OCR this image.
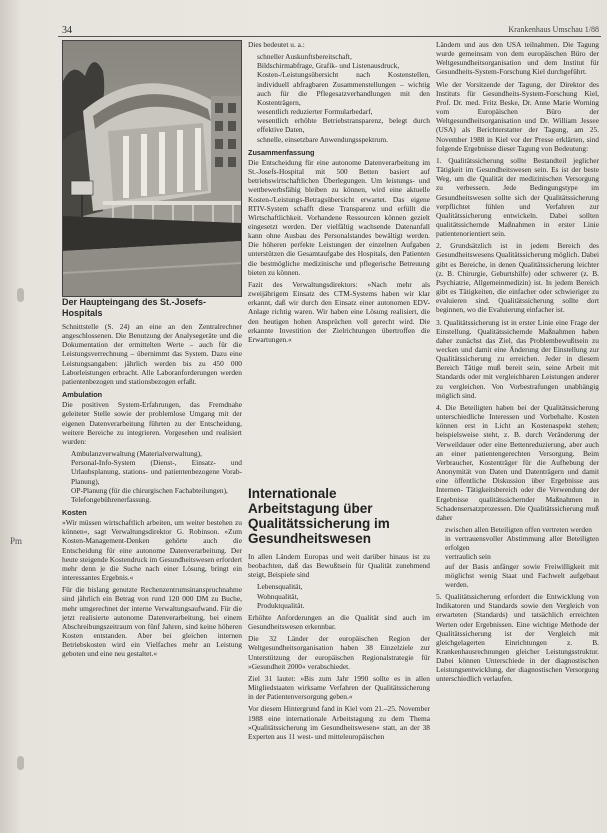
Pm
34	Krankenhaus Umschau 1/88
Der Haupteingang des St.-Josefs-Hospitals

Schnittstelle (S. 24) an eine an den Zentralrechner angeschlossenen. Die Benutzung der Analysegeräte und die Dokumentation der ermittelten Werte – auch für die Leistungsverrechnung – übernimmt das System. Dazu eine Leistungsangaben: jährlich werden bis zu 450 000 Laborleistungen erbracht. Alle Laboranforderungen werden patientenbezogen und stationsbezogen erfaßt.

Ambulation

Die positiven System-Erfahrungen, das Fremdnahe geleiteter Stelle sowie der problemlose Umgang mit der eigenen Datenverarbeitung führten zu der Entscheidung, weitere Bereiche zu integrieren. Vorgesehen und realisiert wurden:

• Ambulanzverwaltung (Materialverwaltung),
• Personal-Info-System (Dienst-, Einsatz- und Urlaubsplanung, stations- und patientenbezogene Vorab-Planung),
• OP-Planung (für die chirurgischen Fachabteilungen),
• Telefongebührenerfassung.
Kosten

»Wir müssen wirtschaftlich arbeiten, um weiter bestehen zu können«, sagt Verwaltungsdirektor G. Robinson. »Zum Kosten-Management-Denken gehörte auch die Entscheidung für eine autonome Datenverarbeitung. Der heute steigende Kostendruck im Gesundheitswesen erfordert mehr denn je die Suche nach einer Lösung, bringt ein interessantes Ergebnis.«

Für die bislang genutzte Rechenzentrumsinanspruchnahme sind jährlich ein Betrag von rund 120 000 DM zu Buche, mehr umgerechnet der interne Verwaltungsaufwand. Für die jetzt realisierte autonome Datenverarbeitung, bei einem Abschreibungszeitraum von fünf Jahren, sind keine höheren Kosten entstanden. Aber bei gleichen internen Betriebskosten wird ein Vielfaches mehr an Leistung geboten und eine neu gestaltet.«

Dies bedeutet u. a.:

• schneller Auskunftsbereitschaft,
• Bildschirmabfrage, Grafik- und Listenausdruck,
• Kosten-/Leistungsübersicht nach Kostenstellen, individuell abfragbaren Zusammenstellungen – wichtig auch für die Pflegesatzverhandlungen mit den Kostenträgern,
• wesentlich reduzierter Formularbedarf,
• wesentlich erhöhte Betriebstransparenz, belegt durch effektive Daten,
• schnelle, einsetzbare Anwendungsspektrum.
Zusammenfassung

Die Entscheidung für eine autonome Datenverarbeitung im St.-Josefs-Hospital mit 500 Betten basiert auf betriebswirtschaftlichen Überlegungen. Um leistungs- und wettbewerbsfähig bleiben zu können, wird eine aktuelle Kosten-/Leistungs-Betragsübersicht erwartet. Das eigene RTIV-System schafft diese Transparenz und erfüllt die Wirtschaftlichkeit. Vorhandene Ressourcen können gezielt eingesetzt werden. Der vielfältig wachsende Datenanfall kann ohne Ausbau des Personalstandes bewältigt werden. Die höheren perfekte Leistungen der einzelnen Aufgaben unterstützen die Gesamtaufgabe des Hospitals, den Patienten die bestmögliche medizinische und pflegerische Betreuung bieten zu können.

Fazit des Verwaltungsdirektors: »Nach mehr als zweijährigem Einsatz des CTM-Systems haben wir klar erkannt, daß wir durch den Einsatz einer autonomen EDV-Anlage richtig waren. Wir haben eine Lösung realisiert, die den heutigen hohen Ansprüchen voll gerecht wird. Die erkannte Investition der Zielrichtungen übertroffen die Erwartungen.«

Internationale Arbeitstagung über Qualitätssicherung im Gesundheitswesen

In allen Ländern Europas und weit darüber hinaus ist zu beobachten, daß das Bewußtsein für Qualität zunehmend steigt, Beispiele sind

• Lebensqualität,
• Wohnqualität,
• Produktqualität.

Erhöhte Anforderungen an die Qualität sind auch im Gesundheitswesen erkennbar.

Die 32 Länder der europäischen Region der Weltgesundheitsorganisation haben 38 Einzelziele zur Unterstützung der europäischen Regionalstrategie für »Gesundheit 2000« verabschiedet.

Ziel 31 lautet: »Bis zum Jahr 1990 sollte es in allen Mitgliedstaaten wirksame Verfahren der Qualitätssicherung in der Patientenversorgung geben.«

Vor diesem Hintergrund fand in Kiel vom 21.–25. November 1988 eine internationale Arbeitstagung zu dem Thema »Qualitätssicherung im Gesundheitswesen« statt, an der 38 Experten aus 11 west- und mitteleuropäischen

Ländern und aus den USA teilnahmen. Die Tagung wurde gemeinsam von dem europäischen Büro der Weltgesundheitsorganisation und dem Institut für Gesundheits-System-Forschung Kiel durchgeführt.

Wie der Vorsitzende der Tagung, der Direktor des Instituts für Gesundheits-System-Forschung Kiel, Prof. Dr. med. Fritz Beske, Dr. Anne Marie Worning vom Europäischen Büro der Weltgesundheitsorganisation und Dr. William Jessee (USA) als Berichterstatter der Tagung, am 25. November 1988 in Kiel vor der Presse erklärten, sind folgende Ergebnisse dieser Tagung von Bedeutung:

1. Qualitätssicherung sollte Bestandteil jeglicher Tätigkeit im Gesundheitswesen sein. Es ist der beste Weg, um die Qualität der medizinischen Versorgung zu verbessern. Jede Bedingungstype im Gesundheitswesen sollte sich der Qualitätssicherung verpflichtet fühlen und Verfahren zur Qualitätssicherung entwickeln. Dabei sollten qualitätssichernde Maßnahmen in erster Linie patientenorientiert sein.

2. Grundsätzlich ist in jedem Bereich des Gesundheitswesens Qualitätssicherung möglich. Dabei gibt es Bereiche, in denen Qualitätssicherung leichter (z. B. Chirurgie, Geburtshilfe) oder schwerer (z. B. Psychiatrie, Allgemeinmedizin) ist. In jedem Bereich gibt es Tätigkeiten, die einfacher oder schwieriger zu evaluieren sind. Qualitätssicherung sollte dort beginnen, wo die Evaluierung einfacher ist.

3. Qualitätssicherung ist in erster Linie eine Frage der Einstellung. Qualitätssichernde Maßnahmen haben daher zunächst das Ziel, das Problembewußtsein zu wecken und damit eine Änderung der Einstellung zur Qualitätssicherung zu erreichen. Jeder in diesem Bereich Tätige muß bereit sein, seine Arbeit mit Standards oder mit vergleichbaren Leistungen anderer zu vergleichen. Von Vorbestrafungen unabhängig möglich sind.

4. Die Beteiligten haben bei der Qualitätssicherung unterschiedliche Interessen und Vorbehalte. Kosten können erst in Licht an Kostenaspekt stehen; beispielsweise steht, z. B. durch Veränderung der Verweildauer oder eine Bettenreduzierung, aber auch an einer patientengerechten Versorgung. Beim Verbraucher, Kostenträger für die Aufhebung der Anonymität von Daten und Datenträgern und damit eine öffentliche Diskussion über Ergebnisse aus Internen- Tätigkeitsbereich oder die Verwendung der Ergebnisse qualitätssichernder Maßnahmen in Schadensersatzprozessen. Die Qualitätssicherung muß daher

• zwischen allen Beteiligten offen vertreten werden
• in vertrauensvoller Abstimmung aller Beteiligten erfolgen
• vertraulich sein
• auf der Basis anfänger sowie Freiwilligkeit mit möglichst wenig Staat und Fachwelt aufgebaut werden.

5. Qualitätssicherung erfordert die Entwicklung von Indikatoren und Standards sowie den Vergleich von erwarteten (Standards) und tatsächlich erreichten Werten oder Ergebnissen. Eine wichtige Methode der Qualitätssicherung ist der Vergleich mit gleichgelagerten Einrichtungen z. B. Krankenhausrechnungen gleicher Leistungsstruktur. Dabei können Unterschiede in der diagnostischen Leistungsentwicklung, der diagnostischen Versorgung unterschiedlich verlaufen.
